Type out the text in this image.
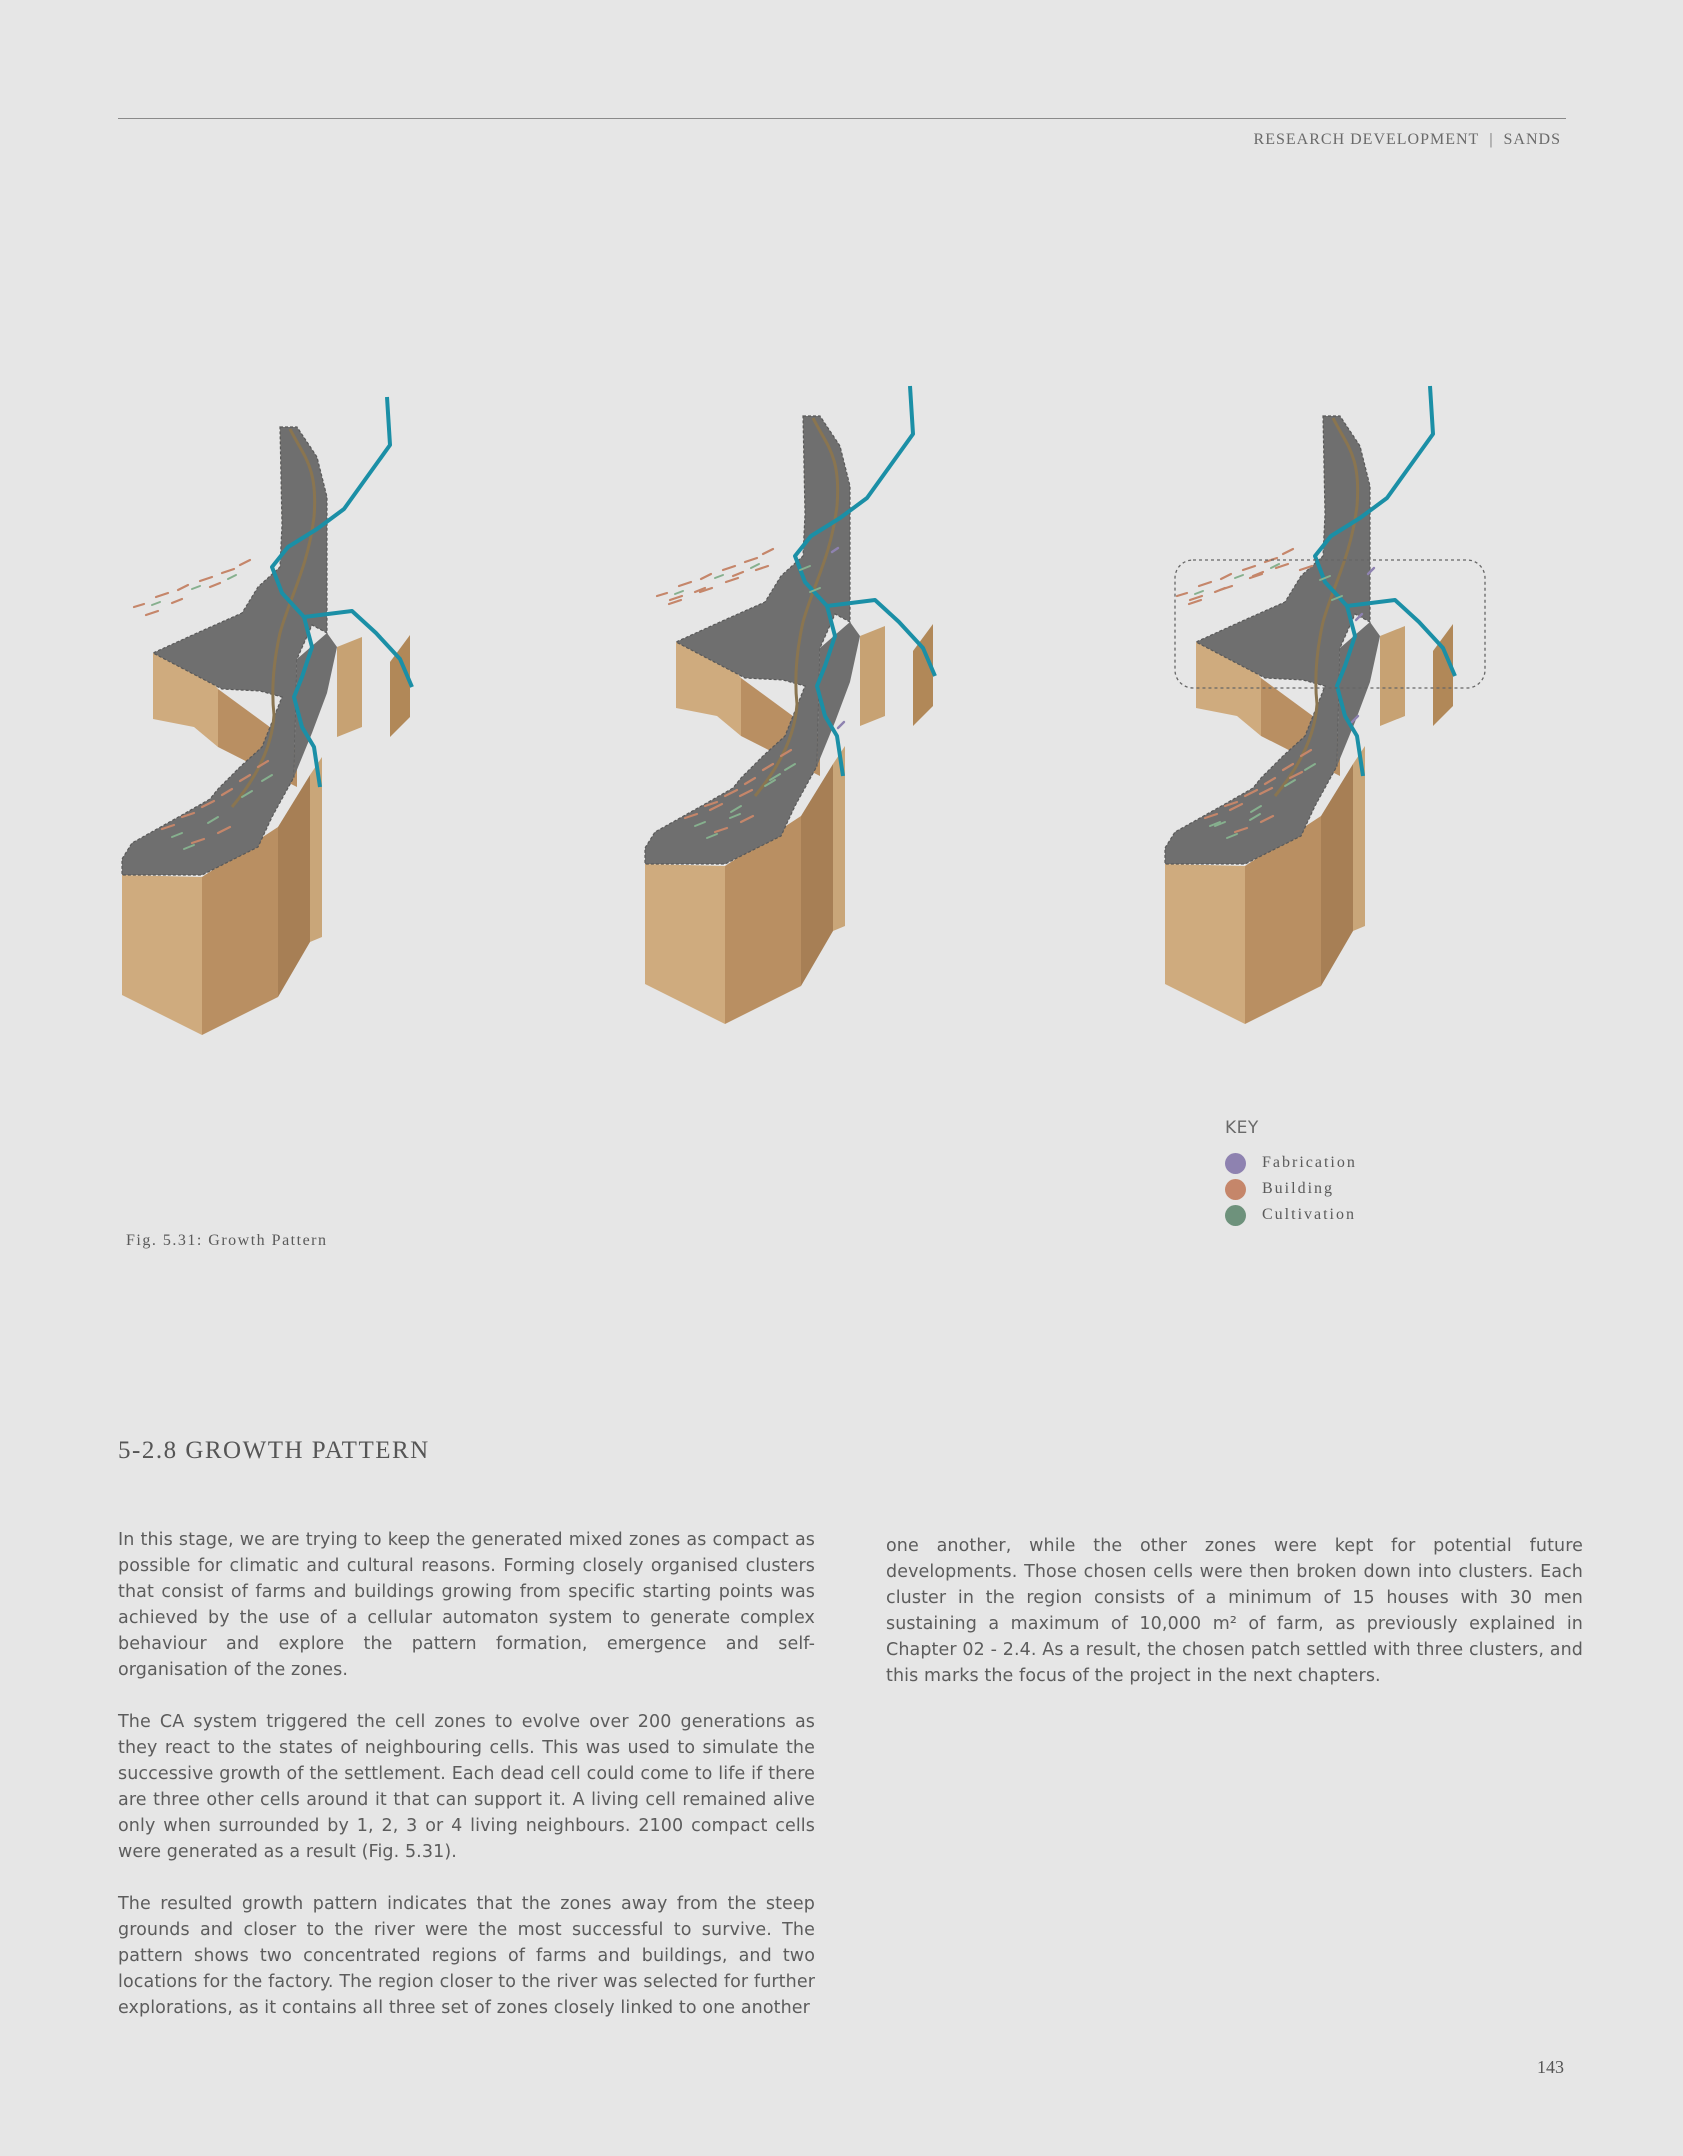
RESEARCH DEVELOPMENT | SANDS
Fig. 5.31: Growth Pattern
KEY
Fabrication
Building
Cultivation
5-2.8 GROWTH PATTERN

In this stage, we are trying to keep the generated mixed zones as compact as possible for climatic and cultural reasons. Forming closely organised clusters that consist of farms and buildings growing from specific starting points was achieved by the use of a cellular automaton system to generate complex behaviour and explore the pattern formation, emergence and self-organisation of the zones.

The CA system triggered the cell zones to evolve over 200 generations as they react to the states of neighbouring cells. This was used to simulate the successive growth of the settlement. Each dead cell could come to life if there are three other cells around it that can support it. A living cell remained alive only when surrounded by 1, 2, 3 or 4 living neighbours. 2100 compact cells were generated as a result (Fig. 5.31).

The resulted growth pattern indicates that the zones away from the steep grounds and closer to the river were the most successful to survive. The pattern shows two concentrated regions of farms and buildings, and two locations for the factory. The region closer to the river was selected for further explorations, as it contains all three set of zones closely linked to one another

one another, while the other zones were kept for potential future developments. Those chosen cells were then broken down into clusters. Each cluster in the region consists of a minimum of 15 houses with 30 men sustaining a maximum of 10,000 m² of farm, as previously explained in Chapter 02 - 2.4. As a result, the chosen patch settled with three clusters, and this marks the focus of the project in the next chapters.

143
